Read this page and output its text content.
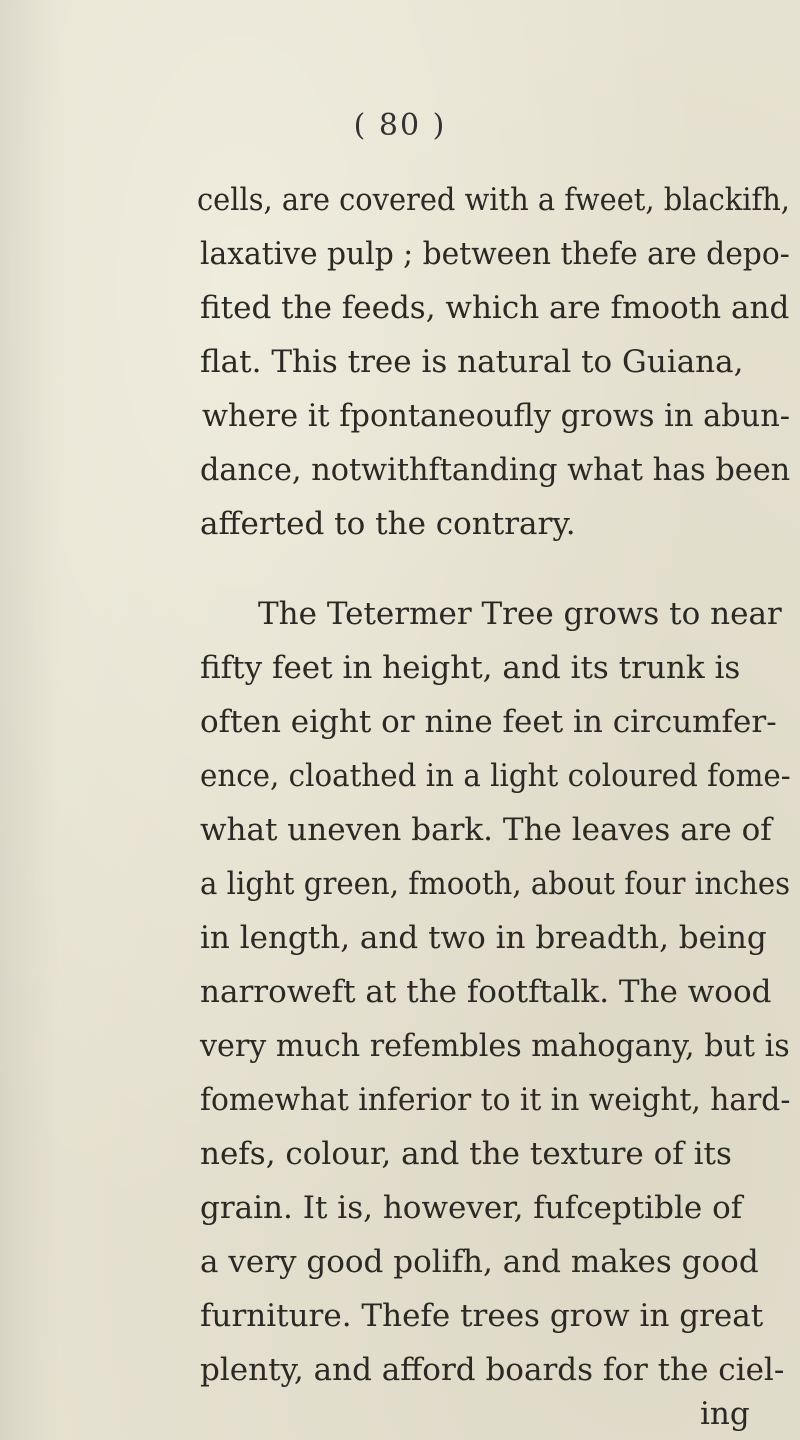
( 80 )
cells, are covered with a fweet, blackifh,
laxative pulp ; between thefe are depo-
fited the feeds, which are fmooth and
flat. This tree is natural to Guiana,
where it fpontaneoufly grows in abun-
dance, notwithftanding what has been
afferted to the contrary.
The Tetermer Tree grows to near
fifty feet in height, and its trunk is
often eight or nine feet in circumfer-
ence, cloathed in a light coloured fome-
what uneven bark. The leaves are of
a light green, fmooth, about four inches
in length, and two in breadth, being
narroweft at the footftalk. The wood
very much refembles mahogany, but is
fomewhat inferior to it in weight, hard-
nefs, colour, and the texture of its
grain. It is, however, fufceptible of
a very good polifh, and makes good
furniture. Thefe trees grow in great
plenty, and afford boards for the ciel-
ing
